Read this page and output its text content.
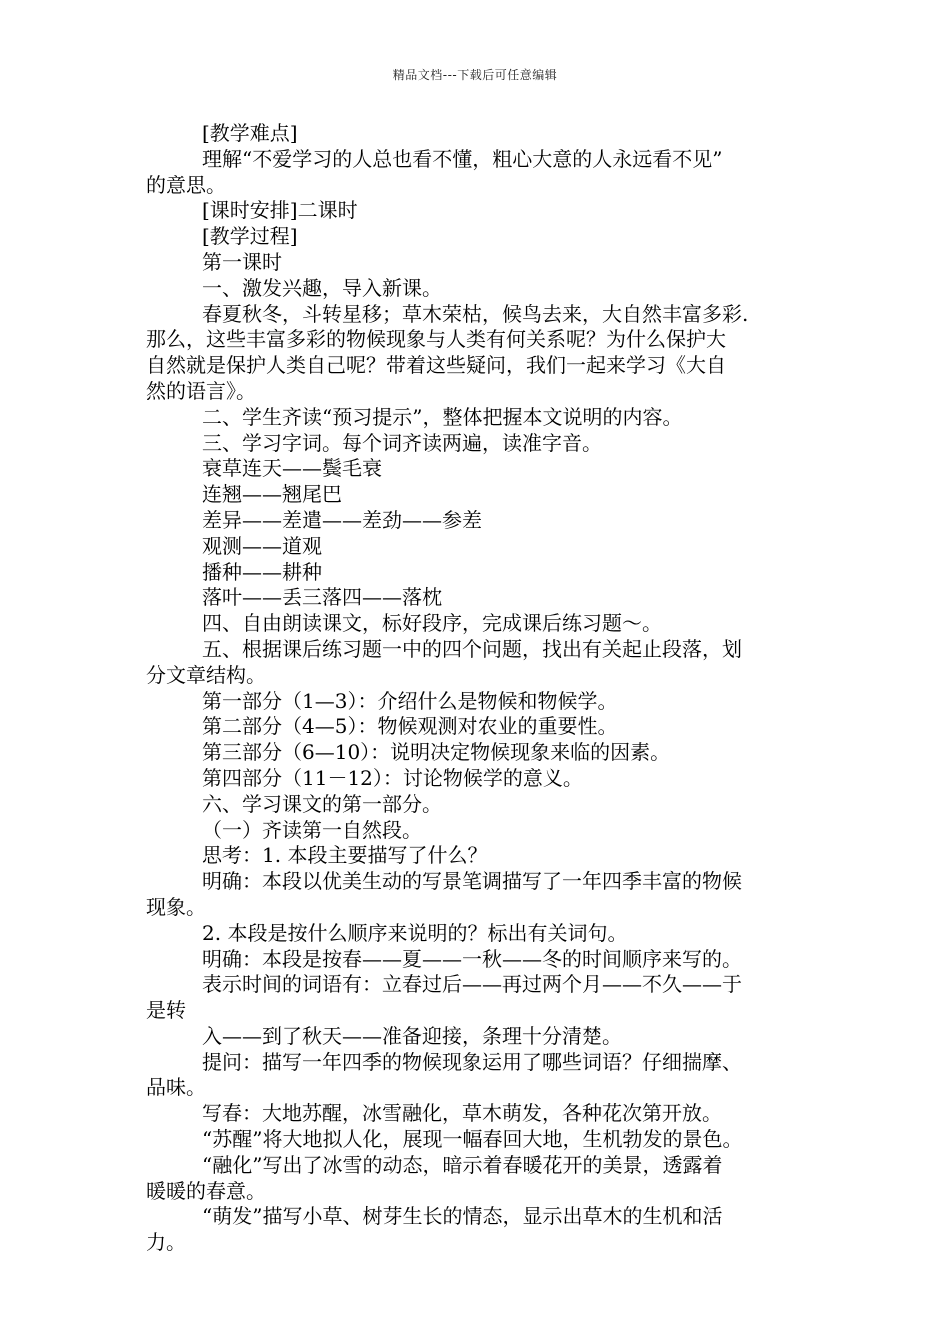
精品文档---下载后可任意编辑
[教学难点]
理解“不爱学习的人总也看不懂，粗心大意的人永远看不见”
的意思。
[课时安排]二课时
[教学过程]
第一课时
一、激发兴趣，导入新课。
春夏秋冬，斗转星移；草木荣枯，候鸟去来，大自然丰富多彩.
那么，这些丰富多彩的物候现象与人类有何关系呢？为什么保护大
自然就是保护人类自己呢？带着这些疑问，我们一起来学习《大自
然的语言》。
二、学生齐读“预习提示”，整体把握本文说明的内容。
三、学习字词。每个词齐读两遍，读准字音。
衰草连天——鬓毛衰
连翘——翘尾巴
差异——差遣——差劲——参差
观测——道观
播种——耕种
落叶——丢三落四——落枕
四、自由朗读课文，标好段序，完成课后练习题～。
五、根据课后练习题一中的四个问题，找出有关起止段落，划
分文章结构。
第一部分（1—3）：介绍什么是物候和物候学。
第二部分（4—5）：物候观测对农业的重要性。
第三部分（6—10）：说明决定物候现象来临的因素。
第四部分（11－12）：讨论物候学的意义。
六、学习课文的第一部分。
（一）齐读第一自然段。
思考：1. 本段主要描写了什么？
明确：本段以优美生动的写景笔调描写了一年四季丰富的物候
现象。
2. 本段是按什么顺序来说明的？标出有关词句。
明确：本段是按春——夏——一秋——冬的时间顺序来写的。
表示时间的词语有：立春过后——再过两个月——不久——于
是转
入——到了秋天——准备迎接，条理十分清楚。
提问：描写一年四季的物候现象运用了哪些词语？仔细揣摩、
品味。
写春：大地苏醒，冰雪融化，草木萌发，各种花次第开放。
“苏醒”将大地拟人化，展现一幅春回大地，生机勃发的景色。
“融化”写出了冰雪的动态，暗示着春暖花开的美景，透露着
暖暖的春意。
“萌发”描写小草、树芽生长的情态，显示出草木的生机和活
力。
